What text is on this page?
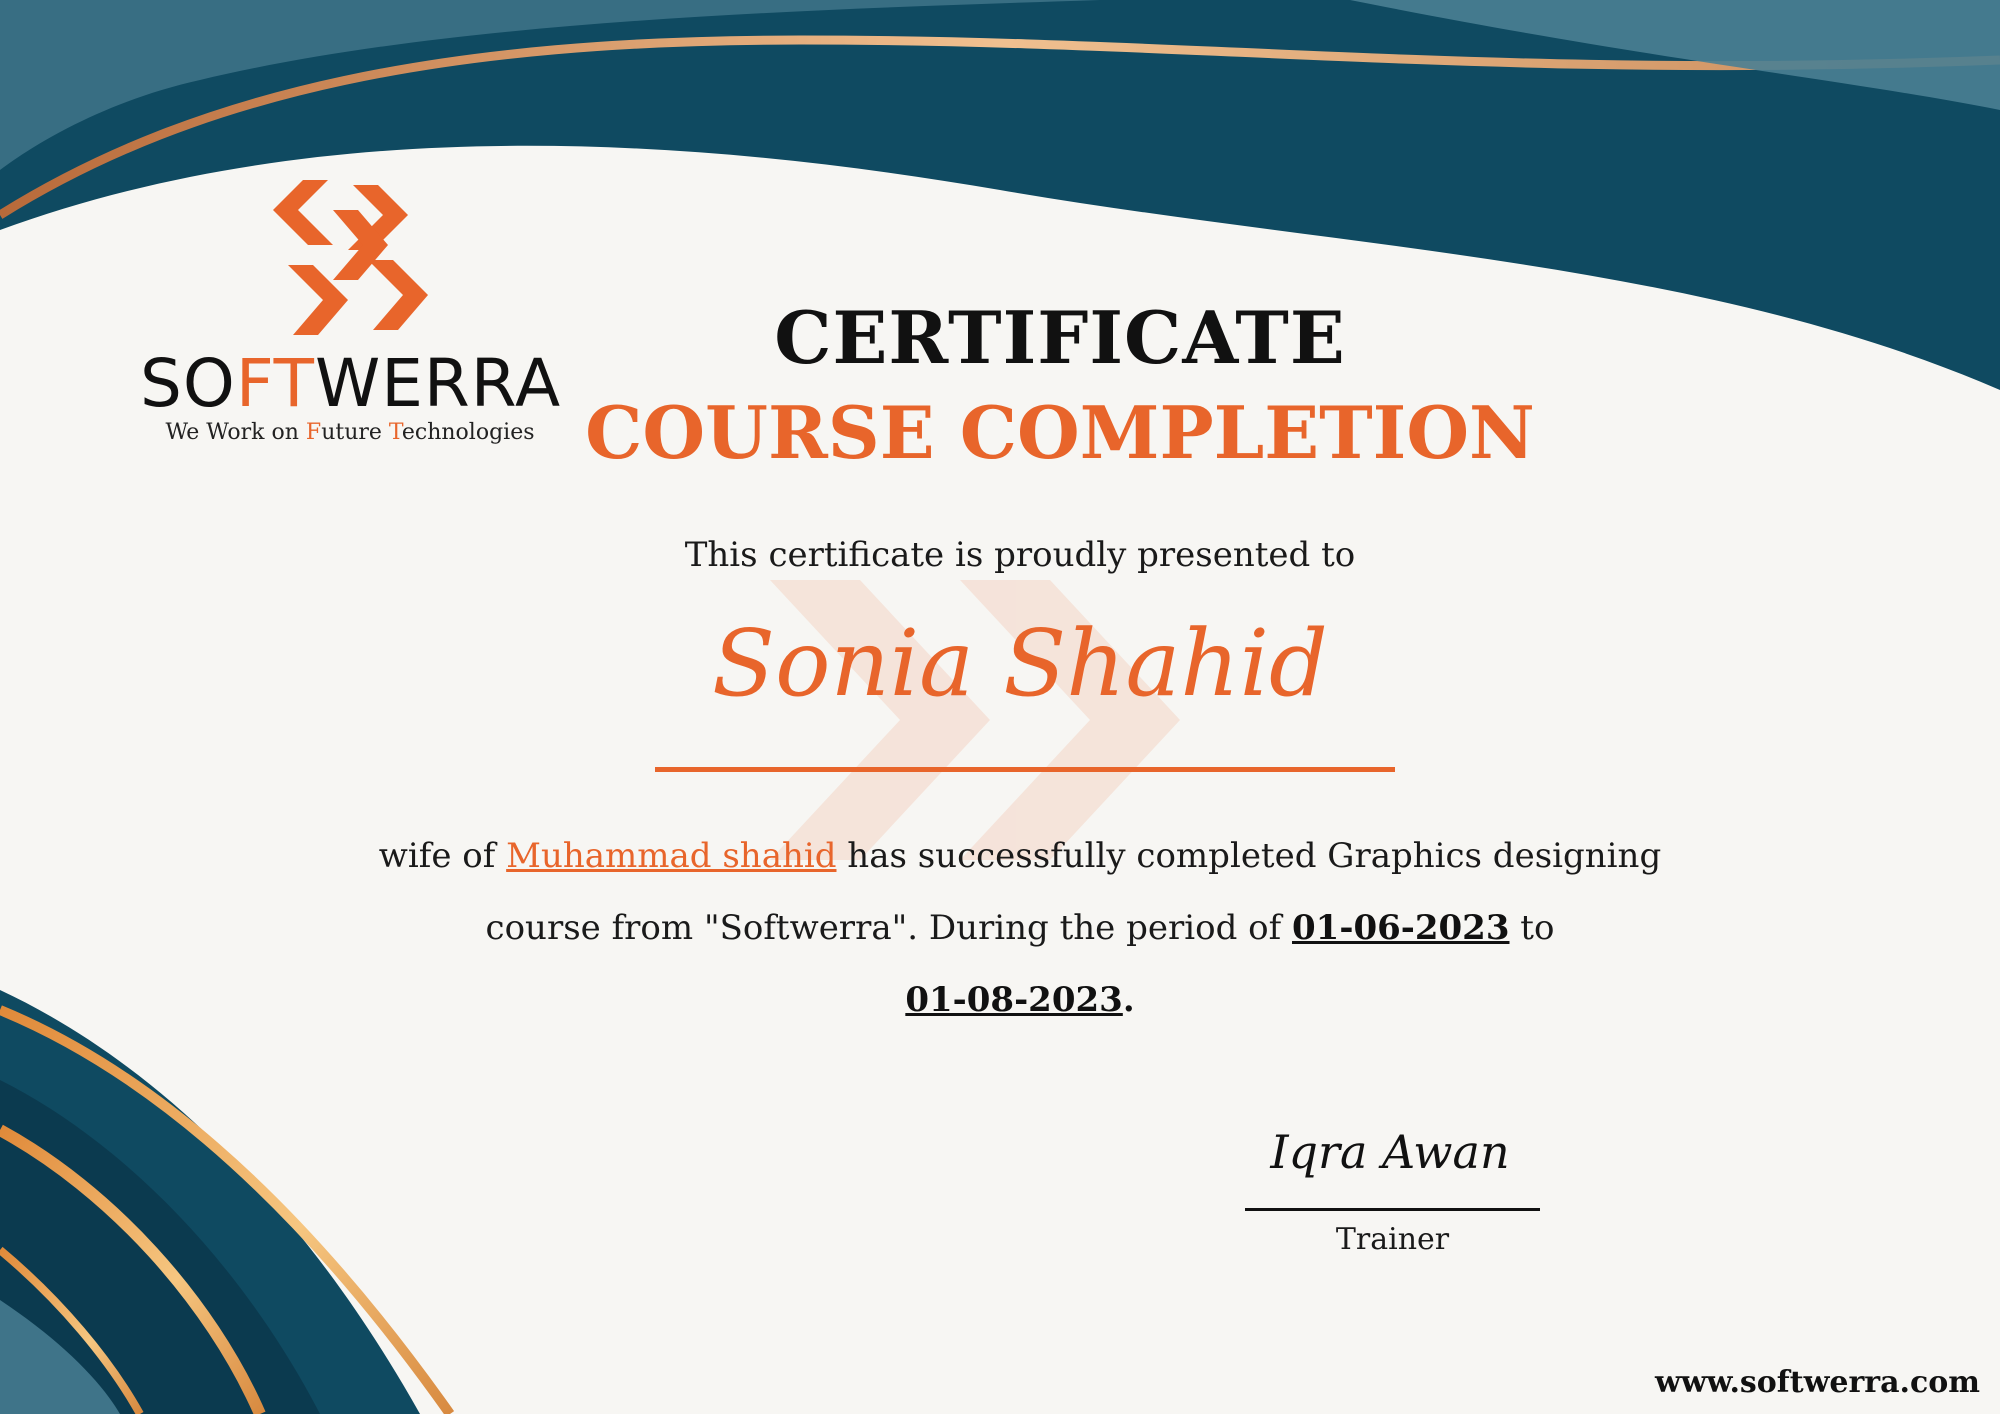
SOFTWERRA
We Work on Future Technologies
CERTIFICATE
COURSE COMPLETION
This certificate is proudly presented to
Sonia Shahid
wife of Muhammad shahid has successfully completed Graphics designing course from "Softwerra". During the period of 01-06-2023 to
01-08-2023.
Iqra Awan
Trainer
www.softwerra.com
